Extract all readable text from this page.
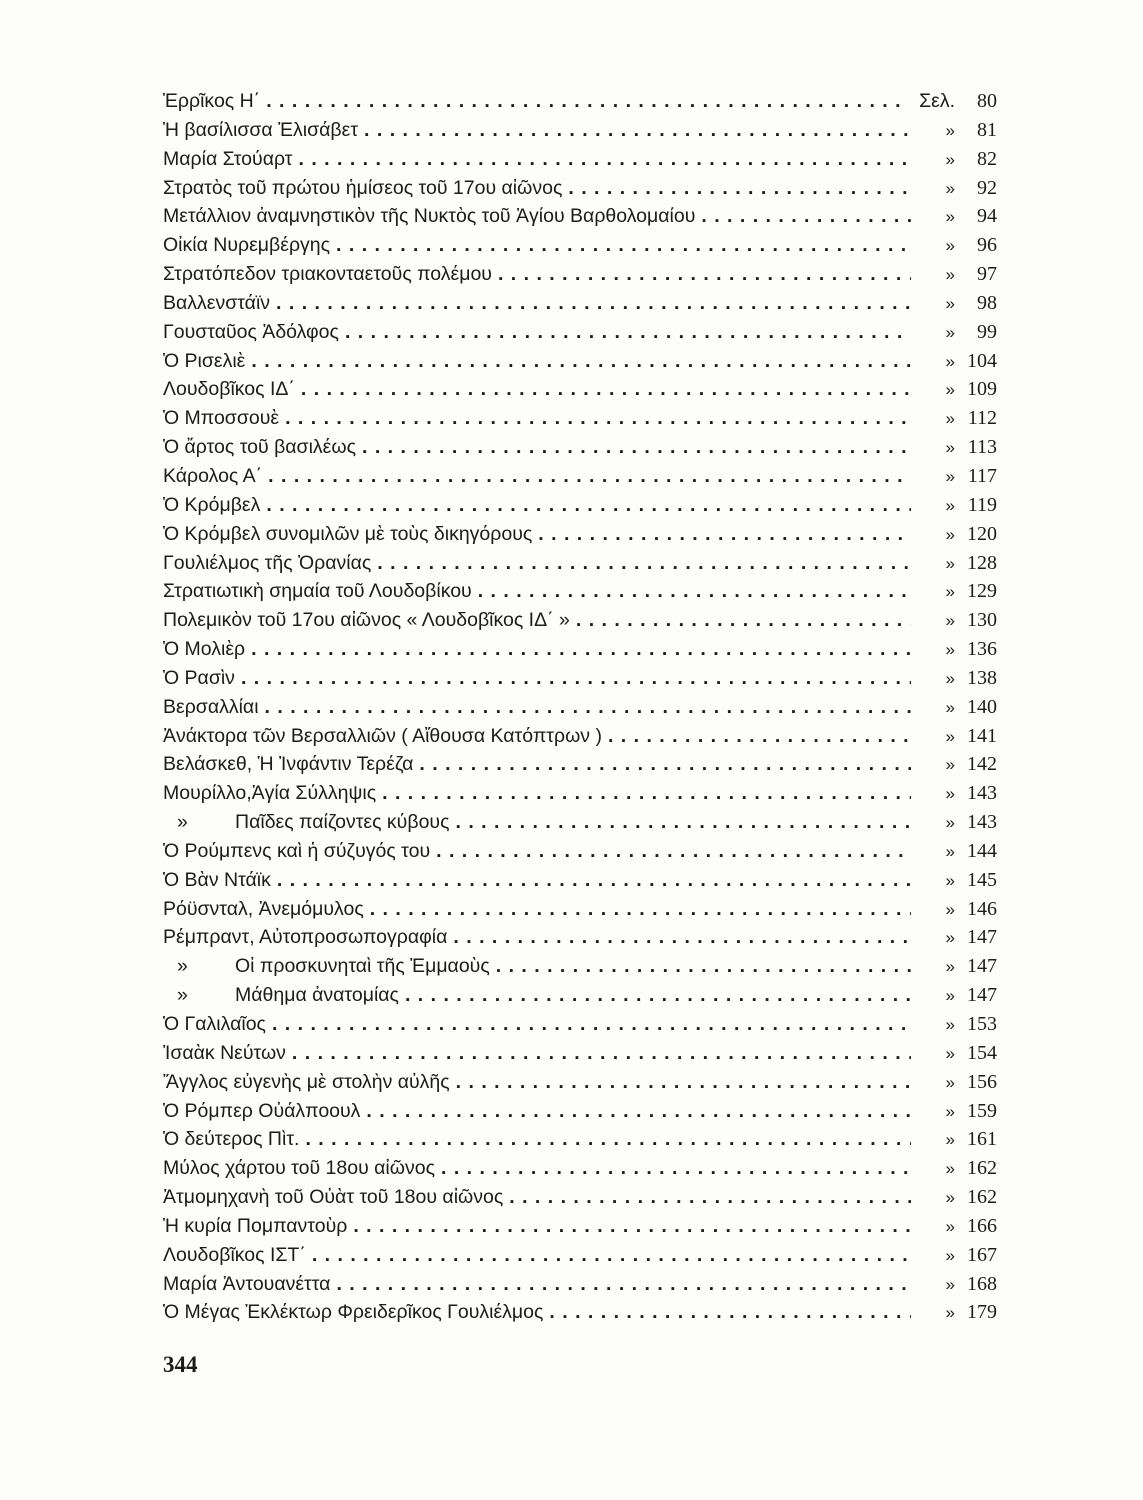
Ἑρρῖκος Η΄ . . .	Σελ.	80
Ἡ βασίλισσα Ἐλισάβετ . . .	»	81
Μαρία Στούαρτ . . .	»	82
Στρατὸς τοῦ πρώτου ἡμίσεος τοῦ 17ου αἰῶνος . . .	»	92
Μετάλλιον ἀναμνηστικὸν τῆς Νυκτὸς τοῦ Ἁγίου Βαρθολομαίου . . .	»	94
Οἰκία Νυρεμβέργης . . .	»	96
Στρατόπεδον τριακονταετοῦς πολέμου . . .	»	97
Βαλλενστάϊν . . .	»	98
Γουσταῦος Ἀδόλφος . . .	»	99
Ὁ Ρισελιὲ . . .	» 104
Λουδοβῖκος ΙΔ΄ . . .	» 109
Ὁ Μποσσουὲ . . .	» 112
Ὁ ἄρτος τοῦ βασιλέως . . .	» 113
Κάρολος Α΄ . . .	» 117
Ὁ Κρόμβελ . . .	» 119
Ὁ Κρόμβελ συνομιλῶν μὲ τοὺς δικηγόρους . . .	» 120
Γουλιέλμος τῆς Ὀρανίας . . .	» 128
Στρατιωτικὴ σημαία τοῦ Λουδοβίκου . . .	» 129
Πολεμικὸν τοῦ 17ου αἰῶνος « Λουδοβῖκος ΙΔ΄ » . . .	» 130
Ὁ Μολιὲρ . . .	» 136
Ὁ Ρασὶν . . .	» 138
Βερσαλλίαι . . .	» 140
Ἀνάκτορα τῶν Βερσαλλιῶν ( Αἴθουσα Κατόπτρων ) . . .	» 141
Βελάσκεθ, Ἡ Ἰνφάντιν Τερέζα . . .	» 142
Μουρίλλο,Ἁγία Σύλληψις . . .	» 143
»	Παῖδες παίζοντες κύβους . . .	» 143
Ὁ Ρούμπενς καὶ ἡ σύζυγός του . . .	» 144
Ὁ Βὰν Ντάϊκ . . .	» 145
Ρόϋσνταλ, Ἀνεμόμυλος . . .	» 146
Ρέμπραντ, Αὐτοπροσωπογραφία . . .	» 147
»	Οἱ προσκυνηταὶ τῆς Ἐμμαοὺς . . .	» 147
»	Μάθημα ἀνατομίας . . .	» 147
Ὁ Γαλιλαῖος . . .	» 153
Ἰσαὰκ Νεύτων . . .	» 154
Ἄγγλος εὐγενὴς μὲ στολὴν αὐλῆς . . .	» 156
Ὁ Ρόμπερ Οὐάλποουλ . . .	» 159
Ὁ δεύτερος Πὶτ. . . .	» 161
Μύλος χάρτου τοῦ 18ου αἰῶνος . . .	» 162
Ἀτμομηχανὴ τοῦ Οὐὰτ τοῦ 18ου αἰῶνος . . .	» 162
Ἡ κυρία Πομπαντοὺρ . . .	» 166
Λουδοβῖκος ΙΣΤ΄ . . .	» 167
Μαρία Ἀντουανέττα . . .	» 168
Ὁ Μέγας Ἐκλέκτωρ Φρειδερῖκος Γουλιέλμος . . .	» 179
344
